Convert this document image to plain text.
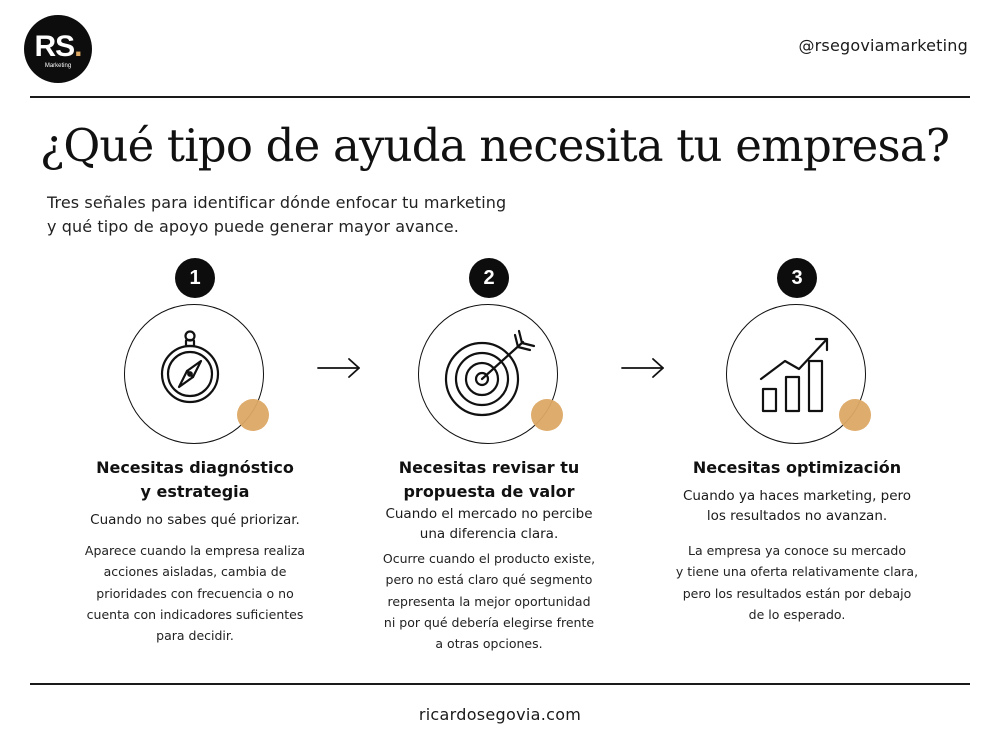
RS.
Marketing
@rsegoviamarketing
¿Qué tipo de ayuda necesita tu empresa?

Tres señales para identificar dónde enfocar tu marketing
y qué tipo de apoyo puede generar mayor avance.

1
Necesitas diagnóstico
y estrategia
Cuando no sabes qué priorizar.
Aparece cuando la empresa realiza
acciones aisladas, cambia de
prioridades con frecuencia o no
cuenta con indicadores suficientes
para decidir.
2
Necesitas revisar tu
propuesta de valor
Cuando el mercado no percibe
una diferencia clara.
Ocurre cuando el producto existe,
pero no está claro qué segmento
representa la mejor oportunidad
ni por qué debería elegirse frente
a otras opciones.
3
Necesitas optimización
Cuando ya haces marketing, pero
los resultados no avanzan.
La empresa ya conoce su mercado
y tiene una oferta relativamente clara,
pero los resultados están por debajo
de lo esperado.
ricardosegovia.com
